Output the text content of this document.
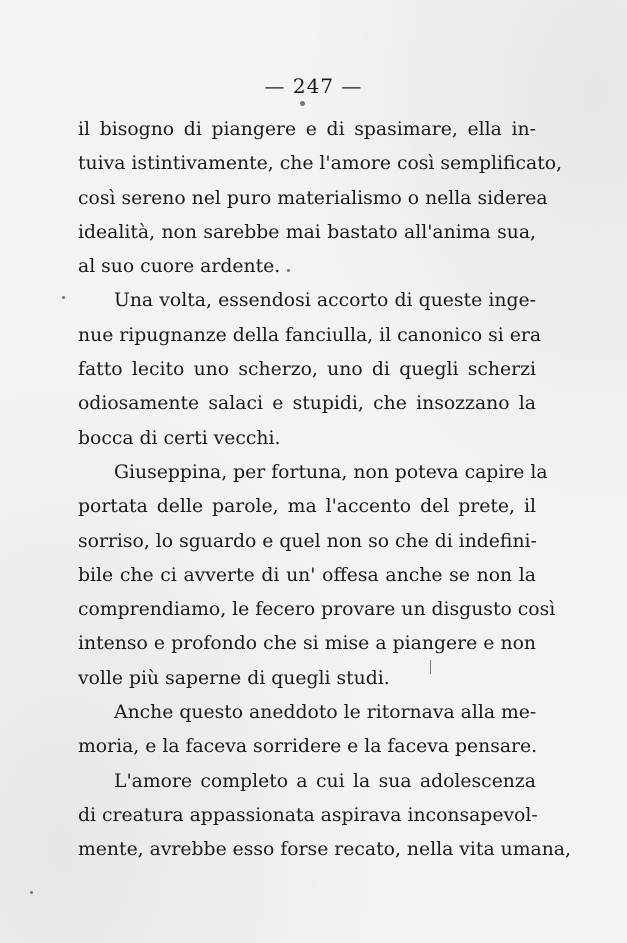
— 247 —
il bisogno di piangere e di spasimare, ella in-
tuiva istintivamente, che l'amore così semplificato,
così sereno nel puro materialismo o nella siderea
idealità, non sarebbe mai bastato all'anima sua,
al suo cuore ardente.
Una volta, essendosi accorto di queste inge-
nue ripugnanze della fanciulla, il canonico si era
fatto lecito uno scherzo, uno di quegli scherzi
odiosamente salaci e stupidi, che insozzano la
bocca di certi vecchi.
Giuseppina, per fortuna, non poteva capire la
portata delle parole, ma l'accento del prete, il
sorriso, lo sguardo e quel non so che di indefini-
bile che ci avverte di un' offesa anche se non la
comprendiamo, le fecero provare un disgusto così
intenso e profondo che si mise a piangere e non
volle più saperne di quegli studi.
Anche questo aneddoto le ritornava alla me-
moria, e la faceva sorridere e la faceva pensare.
L'amore completo a cui la sua adolescenza
di creatura appassionata aspirava inconsapevol-
mente, avrebbe esso forse recato, nella vita umana,
